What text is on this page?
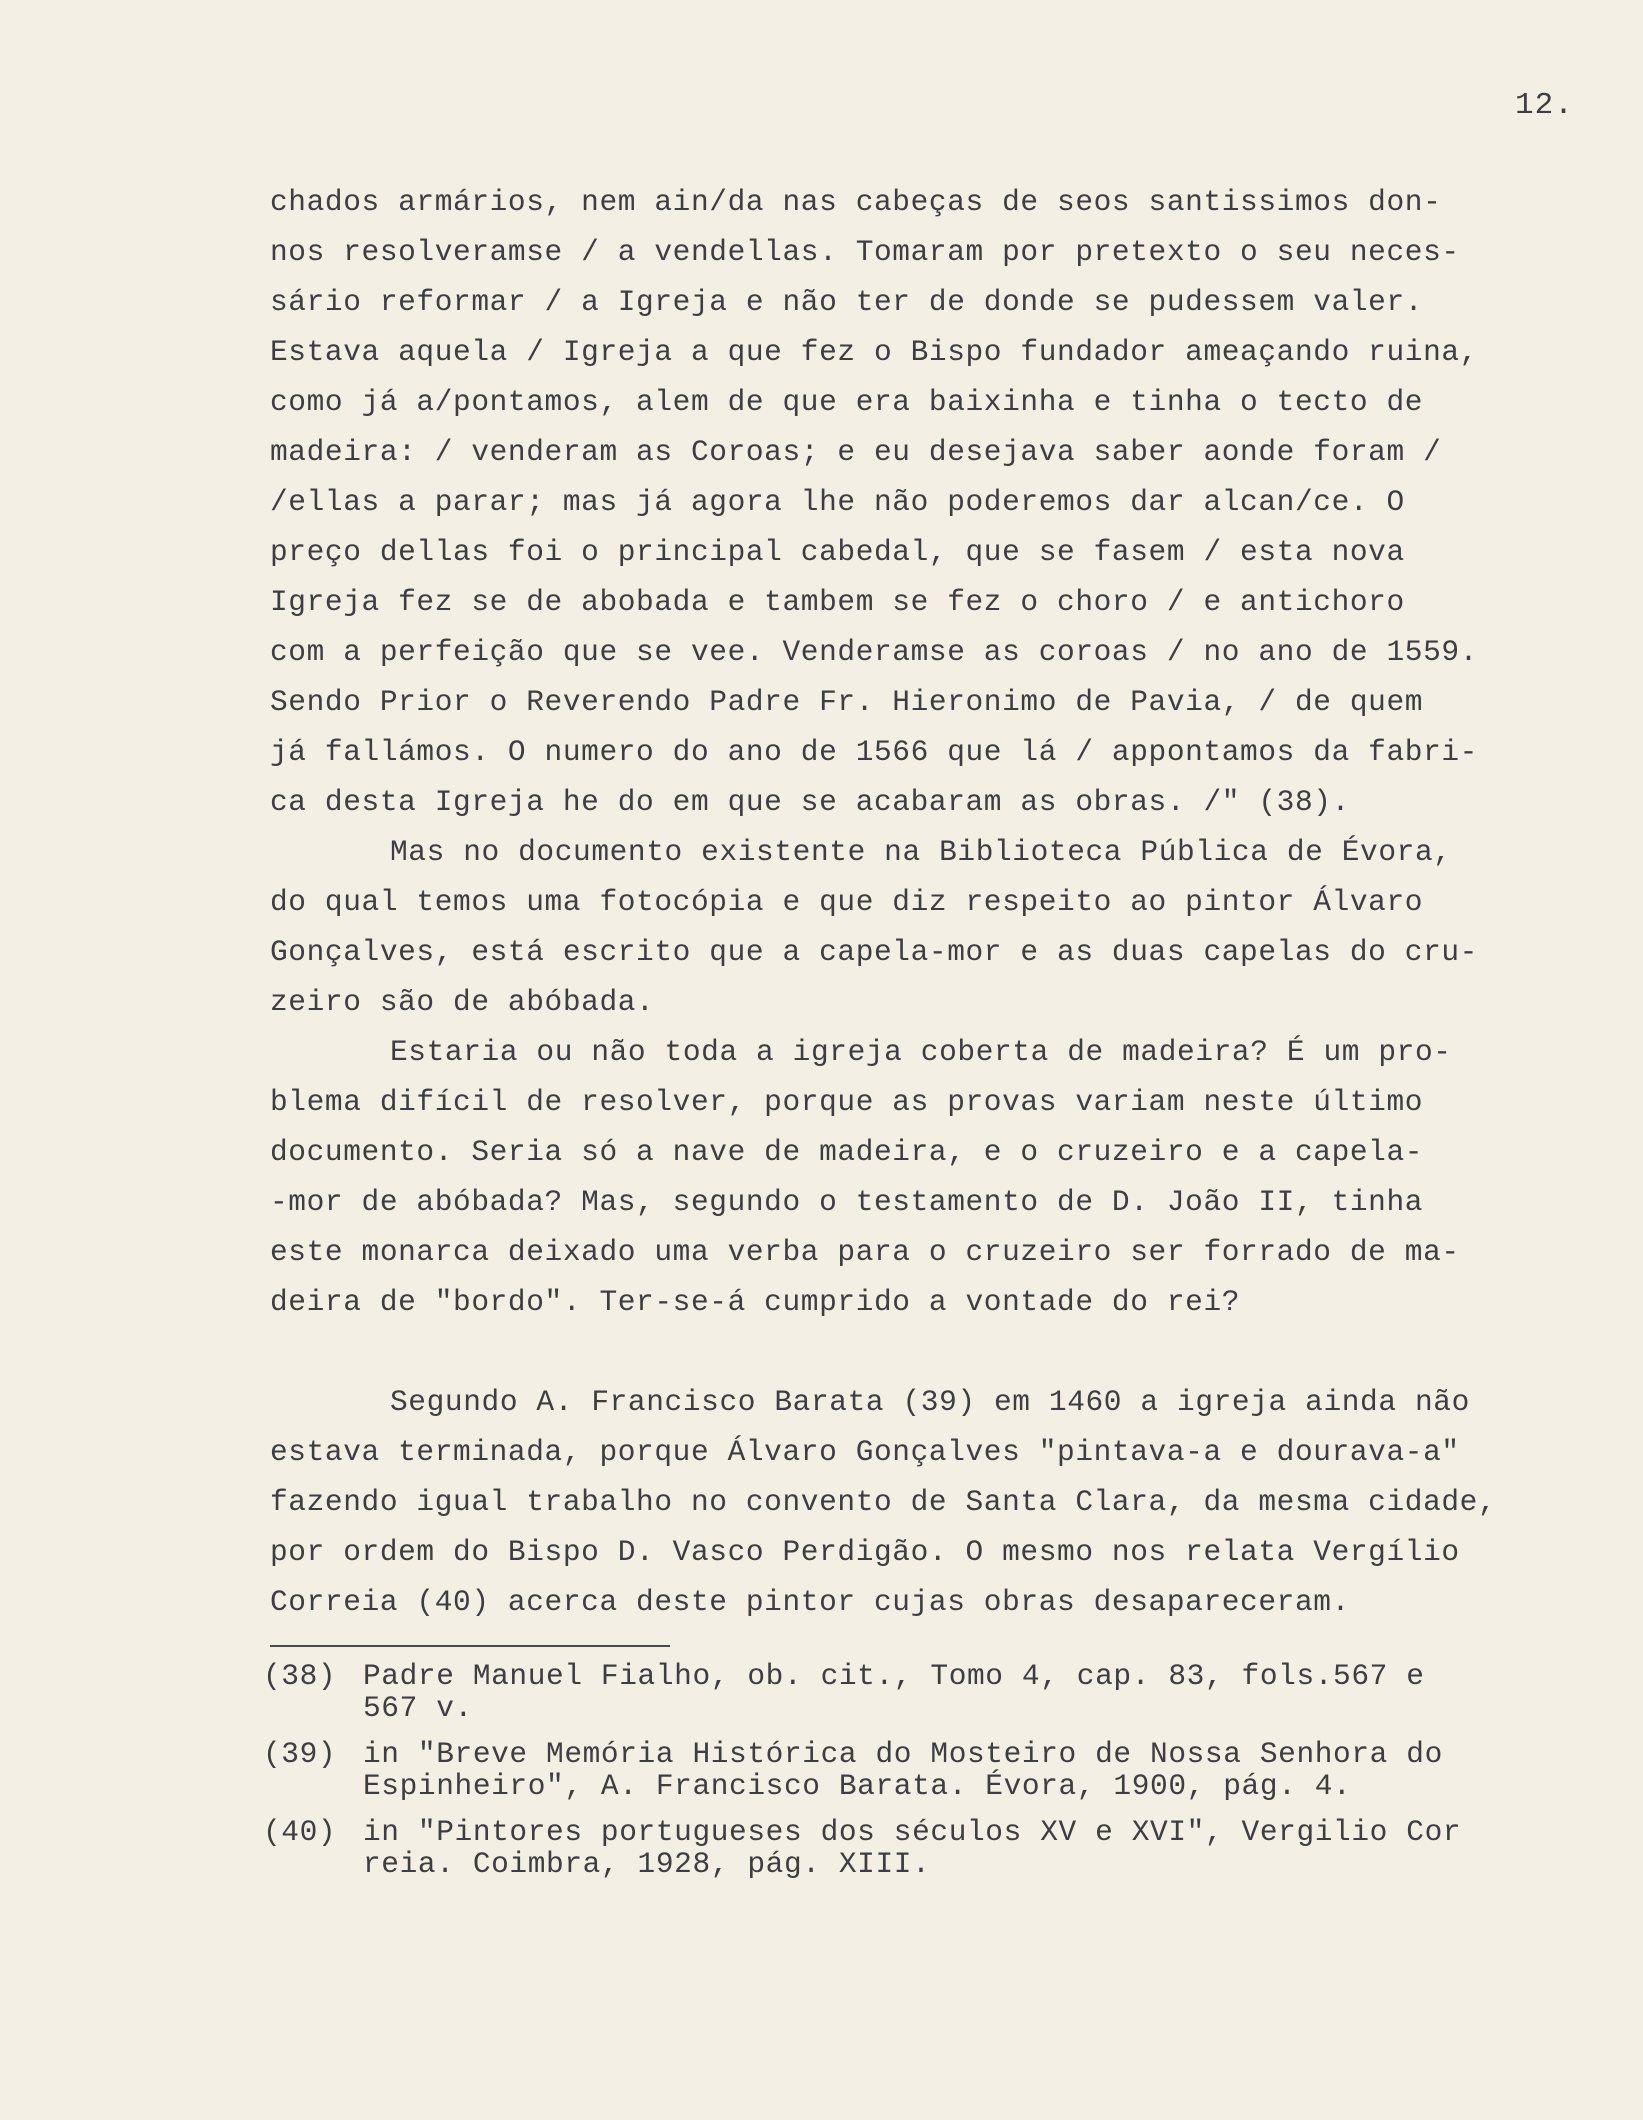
12.
chados armários, nem ain/da nas cabeças de seos santissimos don-
nos resolveramse / a vendellas. Tomaram por pretexto o seu neces-
sário reformar / a Igreja e não ter de donde se pudessem valer.
Estava aquela / Igreja a que fez o Bispo fundador ameaçando ruina,
como já a/pontamos, alem de que era baixinha e tinha o tecto de
madeira: / venderam as Coroas; e eu desejava saber aonde foram /
/ellas a parar; mas já agora lhe não poderemos dar alcan/ce. O
preço dellas foi o principal cabedal, que se fasem / esta nova
Igreja fez se de abobada e tambem se fez o choro / e antichoro
com a perfeição que se vee. Venderamse as coroas / no ano de 1559.
Sendo Prior o Reverendo Padre Fr. Hieronimo de Pavia, / de quem
já fallámos. O numero do ano de 1566 que lá / appontamos da fabri-
ca desta Igreja he do em que se acabaram as obras. /" (38).
Mas no documento existente na Biblioteca Pública de Évora,
do qual temos uma fotocópia e que diz respeito ao pintor Álvaro
Gonçalves, está escrito que a capela-mor e as duas capelas do cru-
zeiro são de abóbada.
Estaria ou não toda a igreja coberta de madeira? É um pro-
blema difícil de resolver, porque as provas variam neste último
documento. Seria só a nave de madeira, e o cruzeiro e a capela-
-mor de abóbada? Mas, segundo o testamento de D. João II, tinha
este monarca deixado uma verba para o cruzeiro ser forrado de ma-
deira de "bordo". Ter-se-á cumprido a vontade do rei?
Segundo A. Francisco Barata (39) em 1460 a igreja ainda não
estava terminada, porque Álvaro Gonçalves "pintava-a e dourava-a"
fazendo igual trabalho no convento de Santa Clara, da mesma cidade,
por ordem do Bispo D. Vasco Perdigão. O mesmo nos relata Vergílio
Correia (40) acerca deste pintor cujas obras desapareceram.
(38) Padre Manuel Fialho, ob. cit., Tomo 4, cap. 83, fols.567 e
567 v.
(39) in "Breve Memória Histórica do Mosteiro de Nossa Senhora do
Espinheiro", A. Francisco Barata. Évora, 1900, pág. 4.
(40) in "Pintores portugueses dos séculos XV e XVI", Vergilio Cor
reia. Coimbra, 1928, pág. XIII.
